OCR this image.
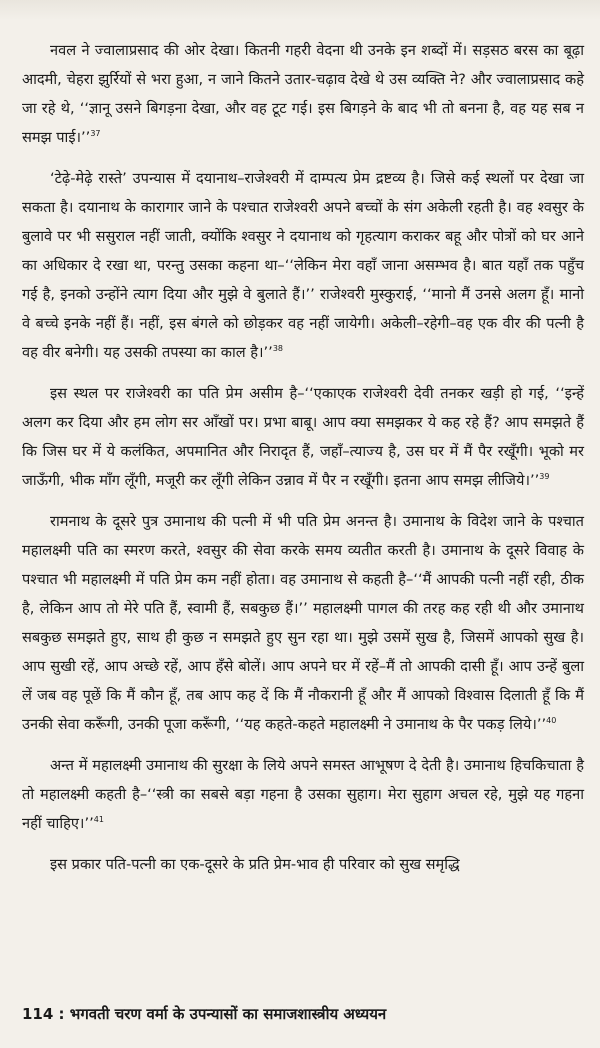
नवल ने ज्वालाप्रसाद की ओर देखा। कितनी गहरी वेदना थी उनके इन शब्दों में। सड़सठ बरस का बूढ़ा आदमी, चेहरा झुर्रियों से भरा हुआ, न जाने कितने उतार-चढ़ाव देखे थे उस व्यक्ति ने? और ज्वालाप्रसाद कहे जा रहे थे, ‘‘ज्ञानू उसने बिगड़ना देखा, और वह टूट गई। इस बिगड़ने के बाद भी तो बनना है, वह यह सब न समझ पाई।’’$^{37}$

‘टेढ़े-मेढ़े रास्ते’ उपन्यास में दयानाथ–राजेश्वरी में दाम्पत्य प्रेम द्रष्टव्य है। जिसे कई स्थलों पर देखा जा सकता है। दयानाथ के कारागार जाने के पश्चात राजेश्वरी अपने बच्चों के संग अकेली रहती है। वह श्वसुर के बुलावे पर भी ससुराल नहीं जाती, क्योंकि श्वसुर ने दयानाथ को गृहत्याग कराकर बहू और पोत्रों को घर आने का अधिकार दे रखा था, परन्तु उसका कहना था–‘‘लेकिन मेरा वहाँ जाना असम्भव है। बात यहाँ तक पहुँच गई है, इनको उन्होंने त्याग दिया और मुझे वे बुलाते हैं।’’ राजेश्वरी मुस्कुराई, ‘‘मानो मैं उनसे अलग हूँ। मानो वे बच्चे इनके नहीं हैं। नहीं, इस बंगले को छोड़कर वह नहीं जायेगी। अकेली–रहेगी–वह एक वीर की पत्नी है वह वीर बनेगी। यह उसकी तपस्या का काल है।’’$^{38}$

इस स्थल पर राजेश्वरी का पति प्रेम असीम है–‘‘एकाएक राजेश्वरी देवी तनकर खड़ी हो गई, ‘‘इन्हें अलग कर दिया और हम लोग सर आँखों पर। प्रभा बाबू। आप क्या समझकर ये कह रहे हैं? आप समझते हैं कि जिस घर में ये कलंकित, अपमानित और निरादृत हैं, जहाँ–त्याज्य है, उस घर में मैं पैर रखूँगी। भूको मर जाऊँगी, भीक माँग लूँगी, मजूरी कर लूँगी लेकिन उन्नाव में पैर न रखूँगी। इतना आप समझ लीजिये।’’$^{39}$

रामनाथ के दूसरे पुत्र उमानाथ की पत्नी में भी पति प्रेम अनन्त है। उमानाथ के विदेश जाने के पश्चात महालक्ष्मी पति का स्मरण करते, श्वसुर की सेवा करके समय व्यतीत करती है। उमानाथ के दूसरे विवाह के पश्चात भी महालक्ष्मी में पति प्रेम कम नहीं होता। वह उमानाथ से कहती है–‘‘मैं आपकी पत्नी नहीं रही, ठीक है, लेकिन आप तो मेरे पति हैं, स्वामी हैं, सबकुछ हैं।’’ महालक्ष्मी पागल की तरह कह रही थी और उमानाथ सबकुछ समझते हुए, साथ ही कुछ न समझते हुए सुन रहा था। मुझे उसमें सुख है, जिसमें आपको सुख है। आप सुखी रहें, आप अच्छे रहें, आप हँसे बोलें। आप अपने घर में रहें–मैं तो आपकी दासी हूँ। आप उन्हें बुला लें जब वह पूछें कि मैं कौन हूँ, तब आप कह दें कि मैं नौकरानी हूँ और मैं आपको विश्वास दिलाती हूँ कि मैं उनकी सेवा करूँगी, उनकी पूजा करूँगी, ‘‘यह कहते-कहते महालक्ष्मी ने उमानाथ के पैर पकड़ लिये।’’$^{40}$

अन्त में महालक्ष्मी उमानाथ की सुरक्षा के लिये अपने समस्त आभूषण दे देती है। उमानाथ हिचकिचाता है तो महालक्ष्मी कहती है–‘‘स्त्री का सबसे बड़ा गहना है उसका सुहाग। मेरा सुहाग अचल रहे, मुझे यह गहना नहीं चाहिए।’’$^{41}$

इस प्रकार पति-पत्नी का एक-दूसरे के प्रति प्रेम-भाव ही परिवार को सुख समृद्धि

114 : भगवती चरण वर्मा के उपन्यासों का समाजशास्त्रीय अध्ययन
